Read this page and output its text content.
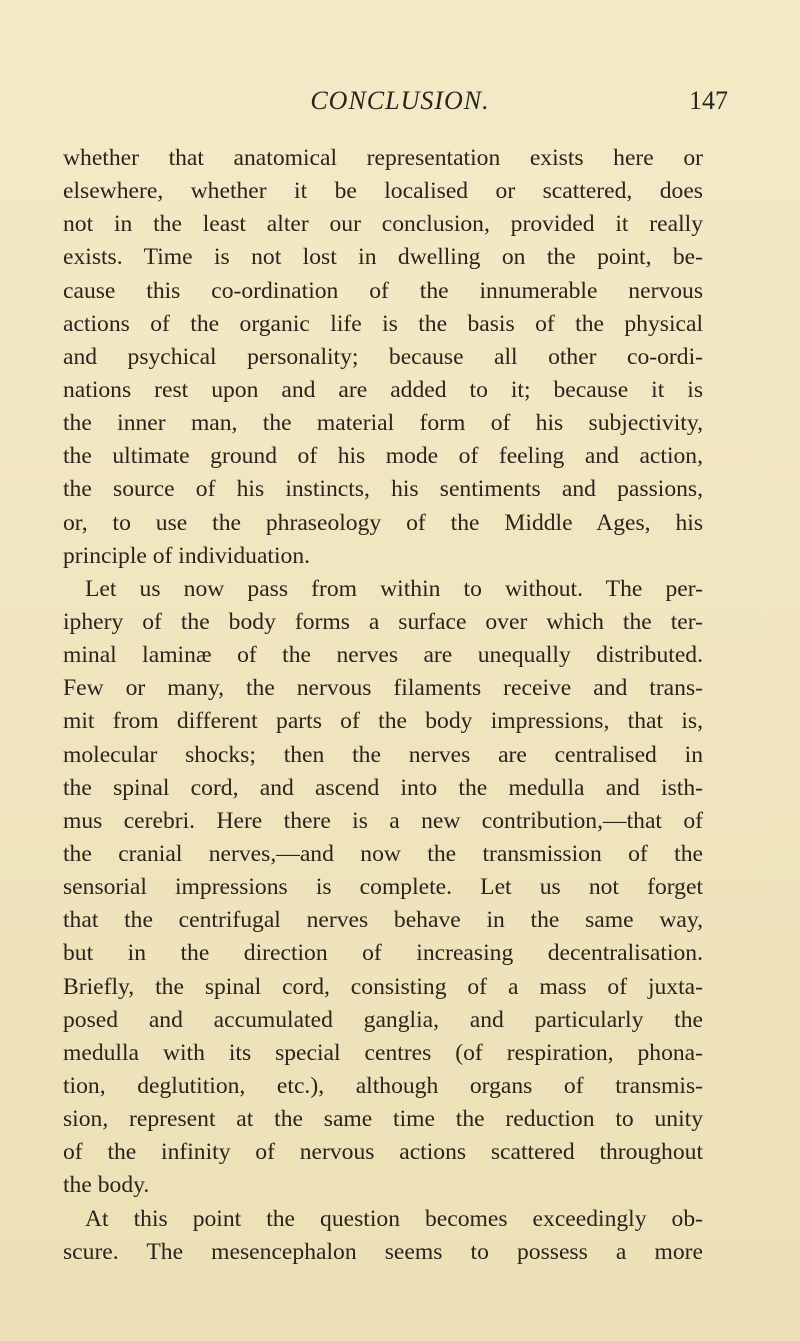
CONCLUSION.	147
whether that anatomical representation exists here or
elsewhere, whether it be localised or scattered, does
not in the least alter our conclusion, provided it really
exists. Time is not lost in dwelling on the point, be-
cause this co-ordination of the innumerable nervous
actions of the organic life is the basis of the physical
and psychical personality; because all other co-ordi-
nations rest upon and are added to it; because it is
the inner man, the material form of his subjectivity,
the ultimate ground of his mode of feeling and action,
the source of his instincts, his sentiments and passions,
or, to use the phraseology of the Middle Ages, his
principle of individuation.
Let us now pass from within to without. The per-
iphery of the body forms a surface over which the ter-
minal laminæ of the nerves are unequally distributed.
Few or many, the nervous filaments receive and trans-
mit from different parts of the body impressions, that is,
molecular shocks; then the nerves are centralised in
the spinal cord, and ascend into the medulla and isth-
mus cerebri. Here there is a new contribution,—that of
the cranial nerves,—and now the transmission of the
sensorial impressions is complete. Let us not forget
that the centrifugal nerves behave in the same way,
but in the direction of increasing decentralisation.
Briefly, the spinal cord, consisting of a mass of juxta-
posed and accumulated ganglia, and particularly the
medulla with its special centres (of respiration, phona-
tion, deglutition, etc.), although organs of transmis-
sion, represent at the same time the reduction to unity
of the infinity of nervous actions scattered throughout
the body.
At this point the question becomes exceedingly ob-
scure. The mesencephalon seems to possess a more
